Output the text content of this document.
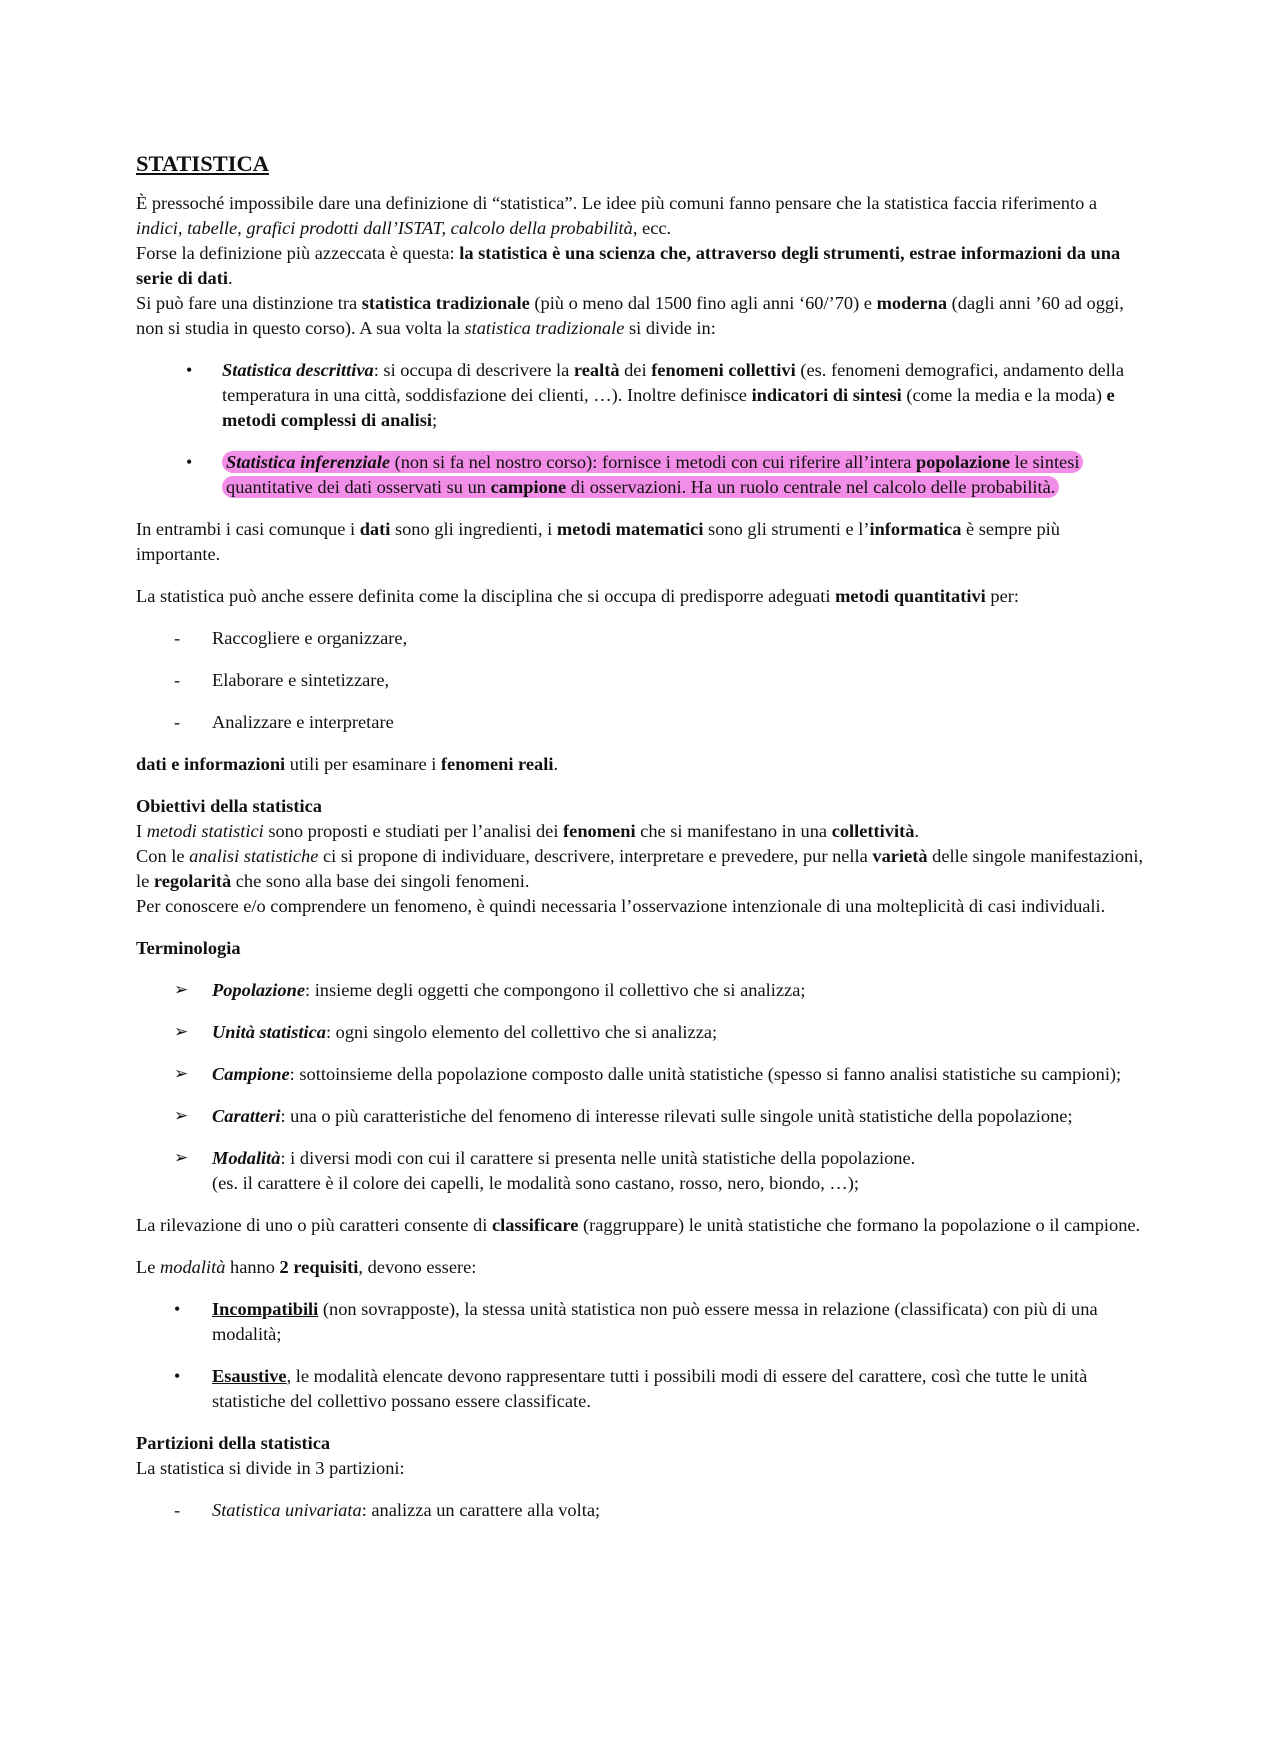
STATISTICA

È pressoché impossibile dare una definizione di “statistica”. Le idee più comuni fanno pensare che la statistica faccia riferimento a indici, tabelle, grafici prodotti dall’ISTAT, calcolo della probabilità, ecc.

Forse la definizione più azzeccata è questa: la statistica è una scienza che, attraverso degli strumenti, estrae informazioni da una serie di dati.

Si può fare una distinzione tra statistica tradizionale (più o meno dal 1500 fino agli anni ‘60/’70) e moderna (dagli anni ’60 ad oggi, non si studia in questo corso). A sua volta la statistica tradizionale si divide in:

• Statistica descrittiva: si occupa di descrivere la realtà dei fenomeni collettivi (es. fenomeni demografici, andamento della temperatura in una città, soddisfazione dei clienti, …). Inoltre definisce indicatori di sintesi (come la media e la moda) e metodi complessi di analisi;
• Statistica inferenziale (non si fa nel nostro corso): fornisce i metodi con cui riferire all’intera popolazione le sintesi quantitative dei dati osservati su un campione di osservazioni. Ha un ruolo centrale nel calcolo delle probabilità.

In entrambi i casi comunque i dati sono gli ingredienti, i metodi matematici sono gli strumenti e l’informatica è sempre più importante.

La statistica può anche essere definita come la disciplina che si occupa di predisporre adeguati metodi quantitativi per:

- Raccogliere e organizzare,
- Elaborare e sintetizzare,
- Analizzare e interpretare

dati e informazioni utili per esaminare i fenomeni reali.

Obiettivi della statistica

I metodi statistici sono proposti e studiati per l’analisi dei fenomeni che si manifestano in una collettività.

Con le analisi statistiche ci si propone di individuare, descrivere, interpretare e prevedere, pur nella varietà delle singole manifestazioni, le regolarità che sono alla base dei singoli fenomeni.

Per conoscere e/o comprendere un fenomeno, è quindi necessaria l’osservazione intenzionale di una molteplicità di casi individuali.

Terminologia

➢ Popolazione: insieme degli oggetti che compongono il collettivo che si analizza;
➢ Unità statistica: ogni singolo elemento del collettivo che si analizza;
➢ Campione: sottoinsieme della popolazione composto dalle unità statistiche (spesso si fanno analisi statistiche su campioni);
➢ Caratteri: una o più caratteristiche del fenomeno di interesse rilevati sulle singole unità statistiche della popolazione;
➢ Modalità: i diversi modi con cui il carattere si presenta nelle unità statistiche della popolazione.
(es. il carattere è il colore dei capelli, le modalità sono castano, rosso, nero, biondo, …);

La rilevazione di uno o più caratteri consente di classificare (raggruppare) le unità statistiche che formano la popolazione o il campione.

Le modalità hanno 2 requisiti, devono essere:

• Incompatibili (non sovrapposte), la stessa unità statistica non può essere messa in relazione (classificata) con più di una modalità;
• Esaustive, le modalità elencate devono rappresentare tutti i possibili modi di essere del carattere, così che tutte le unità statistiche del collettivo possano essere classificate.

Partizioni della statistica

La statistica si divide in 3 partizioni:

- Statistica univariata: analizza un carattere alla volta;
